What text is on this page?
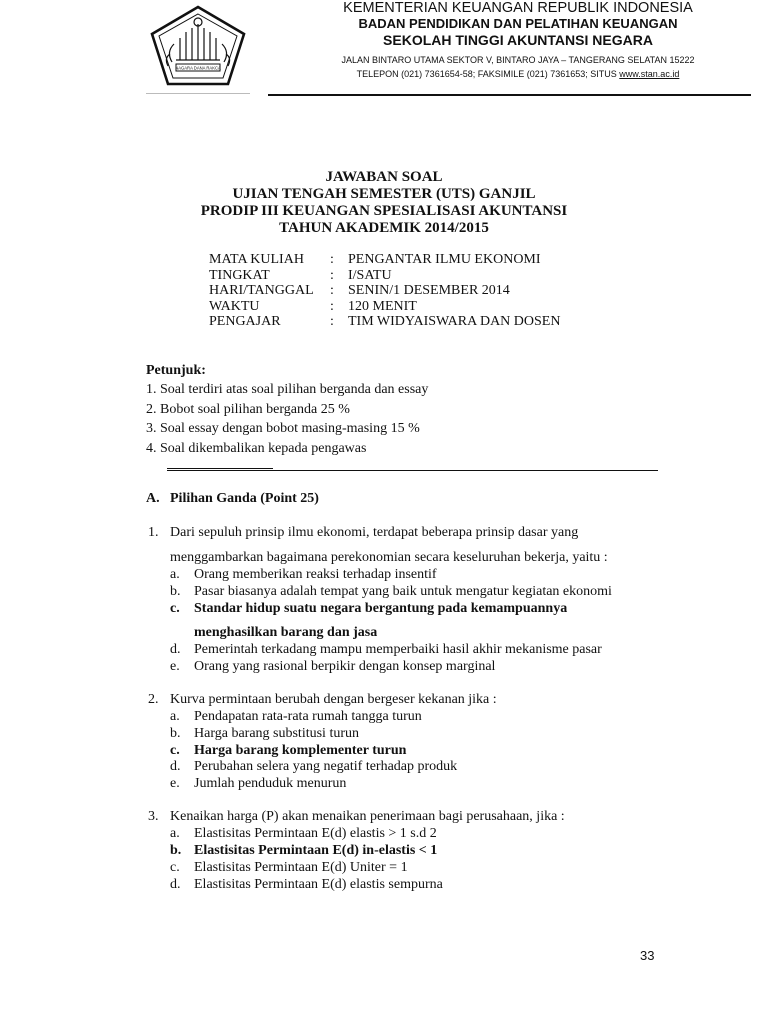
NAGARA DANA RAKCA
KEMENTERIAN KEUANGAN REPUBLIK INDONESIA
BADAN PENDIDIKAN DAN PELATIHAN KEUANGAN
SEKOLAH TINGGI AKUNTANSI NEGARA
JALAN BINTARO UTAMA SEKTOR V, BINTARO JAYA – TANGERANG SELATAN 15222
TELEPON (021) 7361654-58; FAKSIMILE (021) 7361653; SITUS www.stan.ac.id
JAWABAN SOAL
UJIAN TENGAH SEMESTER (UTS) GANJIL
PRODIP III KEUANGAN SPESIALISASI AKUNTANSI
TAHUN AKADEMIK 2014/2015
MATA KULIAH	:	PENGANTAR ILMU EKONOMI
TINGKAT	:	I/SATU
HARI/TANGGAL	:	SENIN/1 DESEMBER 2014
WAKTU	:	120 MENIT
PENGAJAR	:	TIM WIDYAISWARA DAN DOSEN
Petunjuk:
1. Soal terdiri atas soal pilihan berganda dan essay
2. Bobot soal pilihan berganda 25 %
3. Soal essay dengan bobot masing-masing 15 %
4. Soal dikembalikan kepada pengawas
A. Pilihan Ganda (Point 25)
1. Dari sepuluh prinsip ilmu ekonomi, terdapat beberapa prinsip dasar yang
menggambarkan bagaimana perekonomian secara keseluruhan bekerja, yaitu :
a. Orang memberikan reaksi terhadap insentif
b. Pasar biasanya adalah tempat yang baik untuk mengatur kegiatan ekonomi
c. Standar hidup suatu negara bergantung pada kemampuannya
menghasilkan barang dan jasa
d. Pemerintah terkadang mampu memperbaiki hasil akhir mekanisme pasar
e. Orang yang rasional berpikir dengan konsep marginal
2. Kurva permintaan berubah dengan bergeser kekanan jika :
a. Pendapatan rata-rata rumah tangga turun
b. Harga barang substitusi turun
c. Harga barang komplementer turun
d. Perubahan selera yang negatif terhadap produk
e. Jumlah penduduk menurun
3. Kenaikan harga (P) akan menaikan penerimaan bagi perusahaan, jika :
a. Elastisitas Permintaan E(d) elastis > 1 s.d 2
b. Elastisitas Permintaan E(d) in-elastis < 1
c. Elastisitas Permintaan E(d) Uniter = 1
d. Elastisitas Permintaan E(d) elastis sempurna
33
